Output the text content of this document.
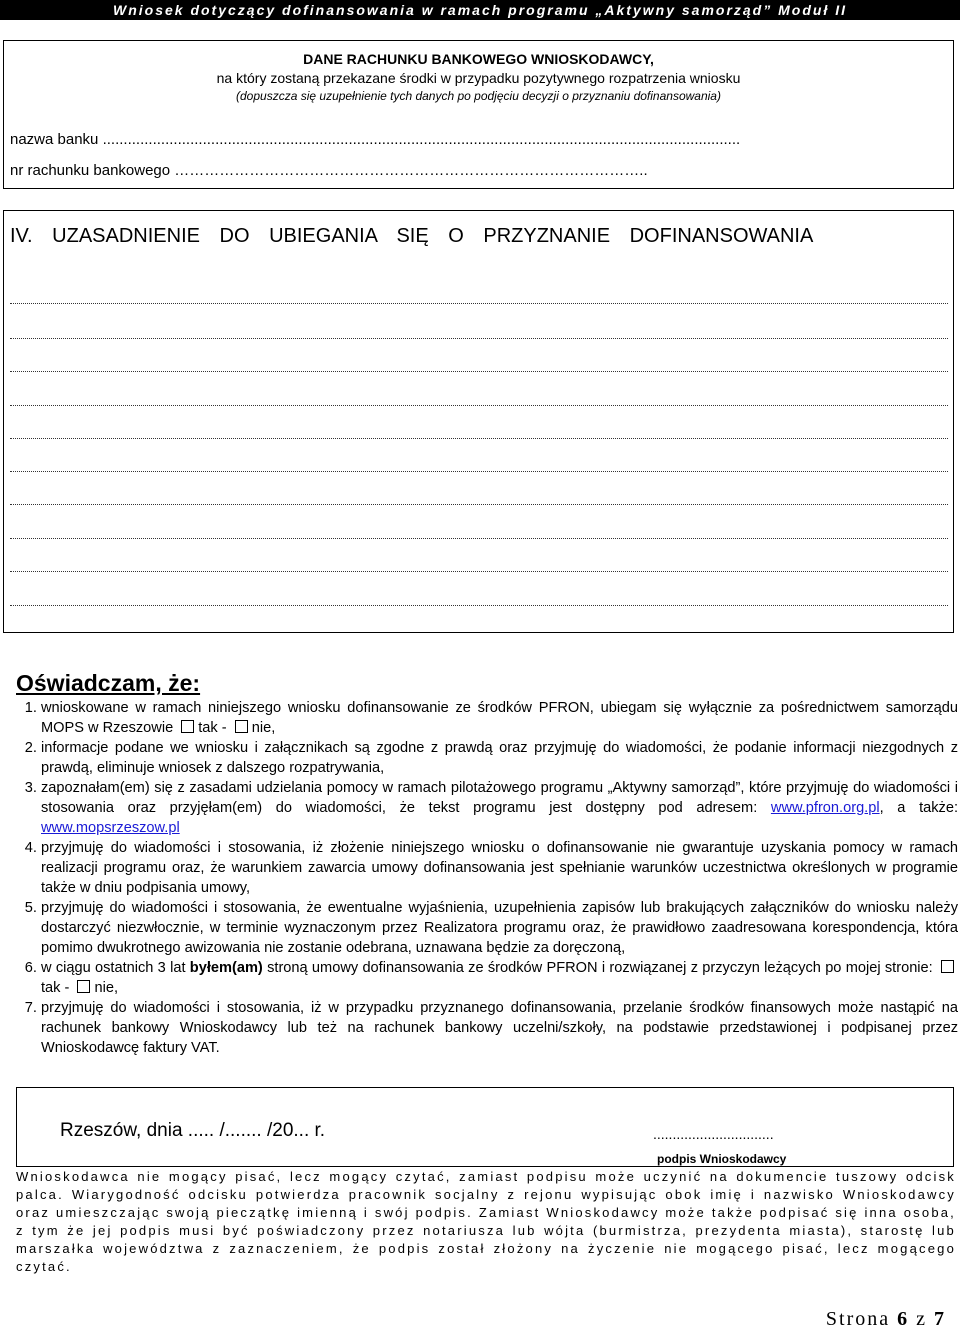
Wniosek dotyczący dofinansowania w ramach programu „Aktywny samorząd” Moduł II
DANE RACHUNKU BANKOWEGO WNIOSKODAWCY,
na który zostaną przekazane środki w przypadku pozytywnego rozpatrzenia wniosku
(dopuszcza się uzupełnienie tych danych po podjęciu decyzji o przyznaniu dofinansowania)
nazwa banku .........................................................................................................................................................
nr rachunku bankowego …………………………………………………………………………………..
IV. UZASADNIENIE DO UBIEGANIA SIĘ O PRZYZNANIE DOFINANSOWANIA
Oświadczam, że:
1. wnioskowane w ramach niniejszego wniosku dofinansowanie ze środków PFRON, ubiegam się wyłącznie za pośrednictwem samorządu MOPS w Rzeszowie tak - nie,
2. informacje podane we wniosku i załącznikach są zgodne z prawdą oraz przyjmuję do wiadomości, że podanie informacji niezgodnych z prawdą, eliminuje wniosek z dalszego rozpatrywania,
3. zapoznałam(em) się z zasadami udzielania pomocy w ramach pilotażowego programu „Aktywny samorząd”, które przyjmuję do wiadomości i stosowania oraz przyjęłam(em) do wiadomości, że tekst programu jest dostępny pod adresem: www.pfron.org.pl, a także: www.mopsrzeszow.pl
4. przyjmuję do wiadomości i stosowania, iż złożenie niniejszego wniosku o dofinansowanie nie gwarantuje uzyskania pomocy w ramach realizacji programu oraz, że warunkiem zawarcia umowy dofinansowania jest spełnianie warunków uczestnictwa określonych w programie także w dniu podpisania umowy,
5. przyjmuję do wiadomości i stosowania, że ewentualne wyjaśnienia, uzupełnienia zapisów lub brakujących załączników do wniosku należy dostarczyć niezwłocznie, w terminie wyznaczonym przez Realizatora programu oraz, że prawidłowo zaadresowana korespondencja, która pomimo dwukrotnego awizowania nie zostanie odebrana, uznawana będzie za doręczoną,
6. w ciągu ostatnich 3 lat byłem(am) stroną umowy dofinansowania ze środków PFRON i rozwiązanej z przyczyn leżących po mojej stronie: tak - nie,
7. przyjmuję do wiadomości i stosowania, iż w przypadku przyznanego dofinansowania, przelanie środków finansowych może nastąpić na rachunek bankowy Wnioskodawcy lub też na rachunek bankowy uczelni/szkoły, na podstawie przedstawionej i podpisanej przez Wnioskodawcę faktury VAT.
Rzeszów, dnia ..... /....... /20... r.	...............................
podpis Wnioskodawcy
Wnioskodawca nie mogący pisać, lecz mogący czytać, zamiast podpisu może uczynić na dokumencie tuszowy odcisk palca. Wiarygodność odcisku potwierdza pracownik socjalny z rejonu wypisując obok imię i nazwisko Wnioskodawcy oraz umieszczając swoją pieczątkę imienną i swój podpis. Zamiast Wnioskodawcy może także podpisać się inna osoba, z tym że jej podpis musi być poświadczony przez notariusza lub wójta (burmistrza, prezydenta miasta), starostę lub marszałka województwa z zaznaczeniem, że podpis został złożony na życzenie nie mogącego pisać, lecz mogącego czytać.
Strona 6 z 7
